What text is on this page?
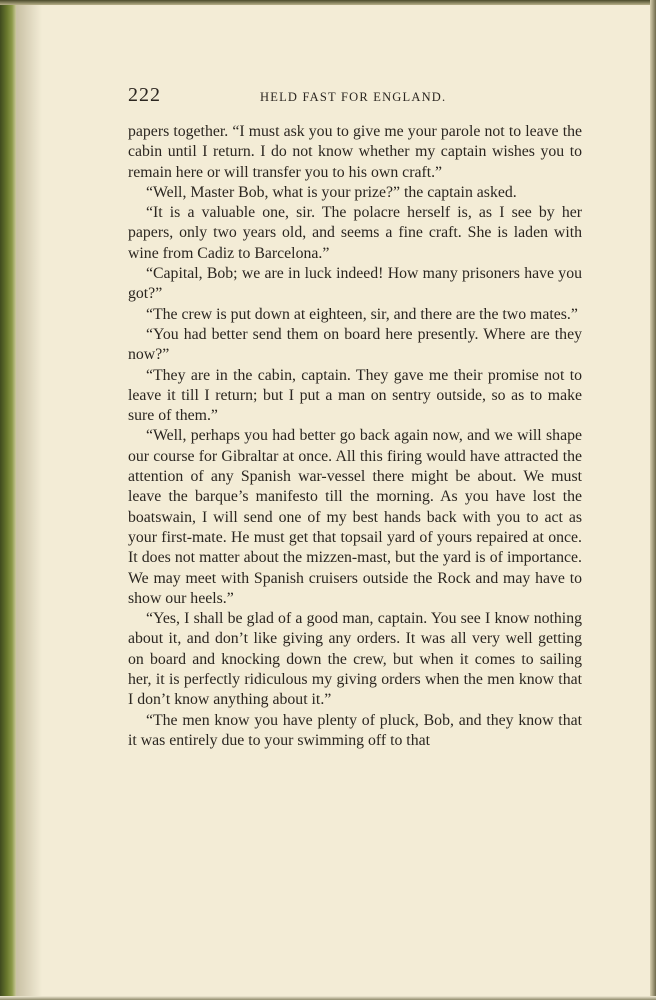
222	HELD FAST FOR ENGLAND.

papers together. “I must ask you to give me your parole not to leave the cabin until I return. I do not know whether my captain wishes you to remain here or will transfer you to his own craft.”

“Well, Master Bob, what is your prize?” the captain asked.

“It is a valuable one, sir. The polacre herself is, as I see by her papers, only two years old, and seems a fine craft. She is laden with wine from Cadiz to Barcelona.”

“Capital, Bob; we are in luck indeed! How many prisoners have you got?”

“The crew is put down at eighteen, sir, and there are the two mates.”

“You had better send them on board here presently. Where are they now?”

“They are in the cabin, captain. They gave me their promise not to leave it till I return; but I put a man on sentry outside, so as to make sure of them.”

“Well, perhaps you had better go back again now, and we will shape our course for Gibraltar at once. All this firing would have attracted the attention of any Spanish war-vessel there might be about. We must leave the barque’s manifesto till the morning. As you have lost the boatswain, I will send one of my best hands back with you to act as your first-mate. He must get that topsail yard of yours repaired at once. It does not matter about the mizzen-mast, but the yard is of importance. We may meet with Spanish cruisers outside the Rock and may have to show our heels.”

“Yes, I shall be glad of a good man, captain. You see I know nothing about it, and don’t like giving any orders. It was all very well getting on board and knocking down the crew, but when it comes to sailing her, it is perfectly ridiculous my giving orders when the men know that I don’t know anything about it.”

“The men know you have plenty of pluck, Bob, and they know that it was entirely due to your swimming off to that
